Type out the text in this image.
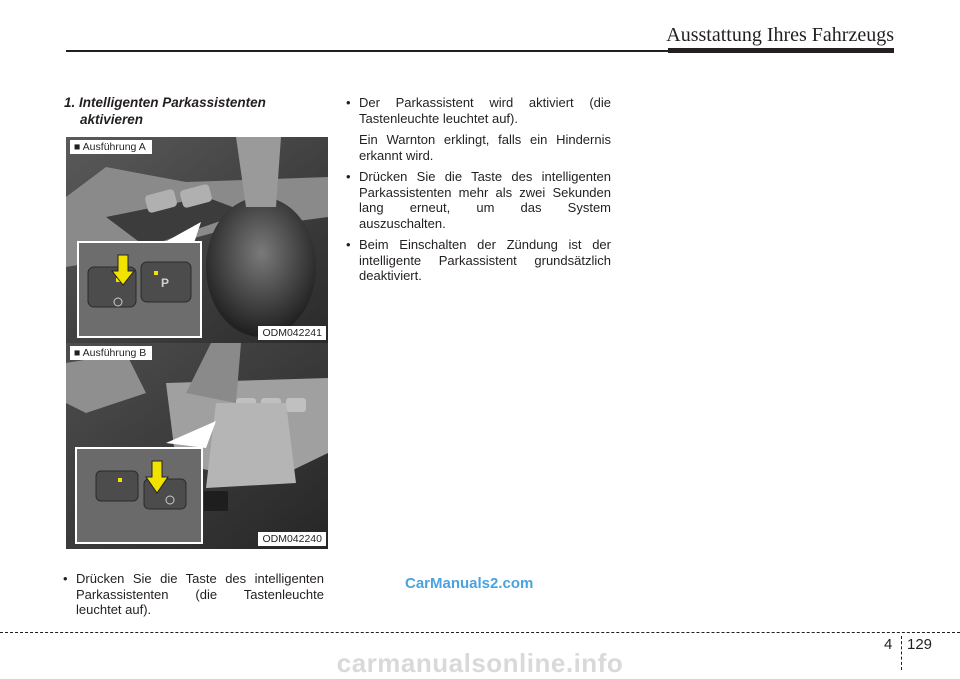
Ausstattung Ihres Fahrzeugs
1. Intelligenten Parkassistenten
aktivieren
P
■ Ausführung A
ODM042241
■ Ausführung B
ODM042240
• Drücken Sie die Taste des intelligenten Parkassistenten (die Tastenleuchte leuchtet auf).
• Der Parkassistent wird aktiviert (die Tastenleuchte leuchtet auf).
Ein Warnton erklingt, falls ein Hindernis erkannt wird.
• Drücken Sie die Taste des intelligenten Parkassistenten mehr als zwei Sekunden lang erneut, um das System auszuschalten.
• Beim Einschalten der Zündung ist der intelligente Parkassistent grundsätzlich deaktiviert.
CarManuals2.com
4 129
carmanualsonline.info
